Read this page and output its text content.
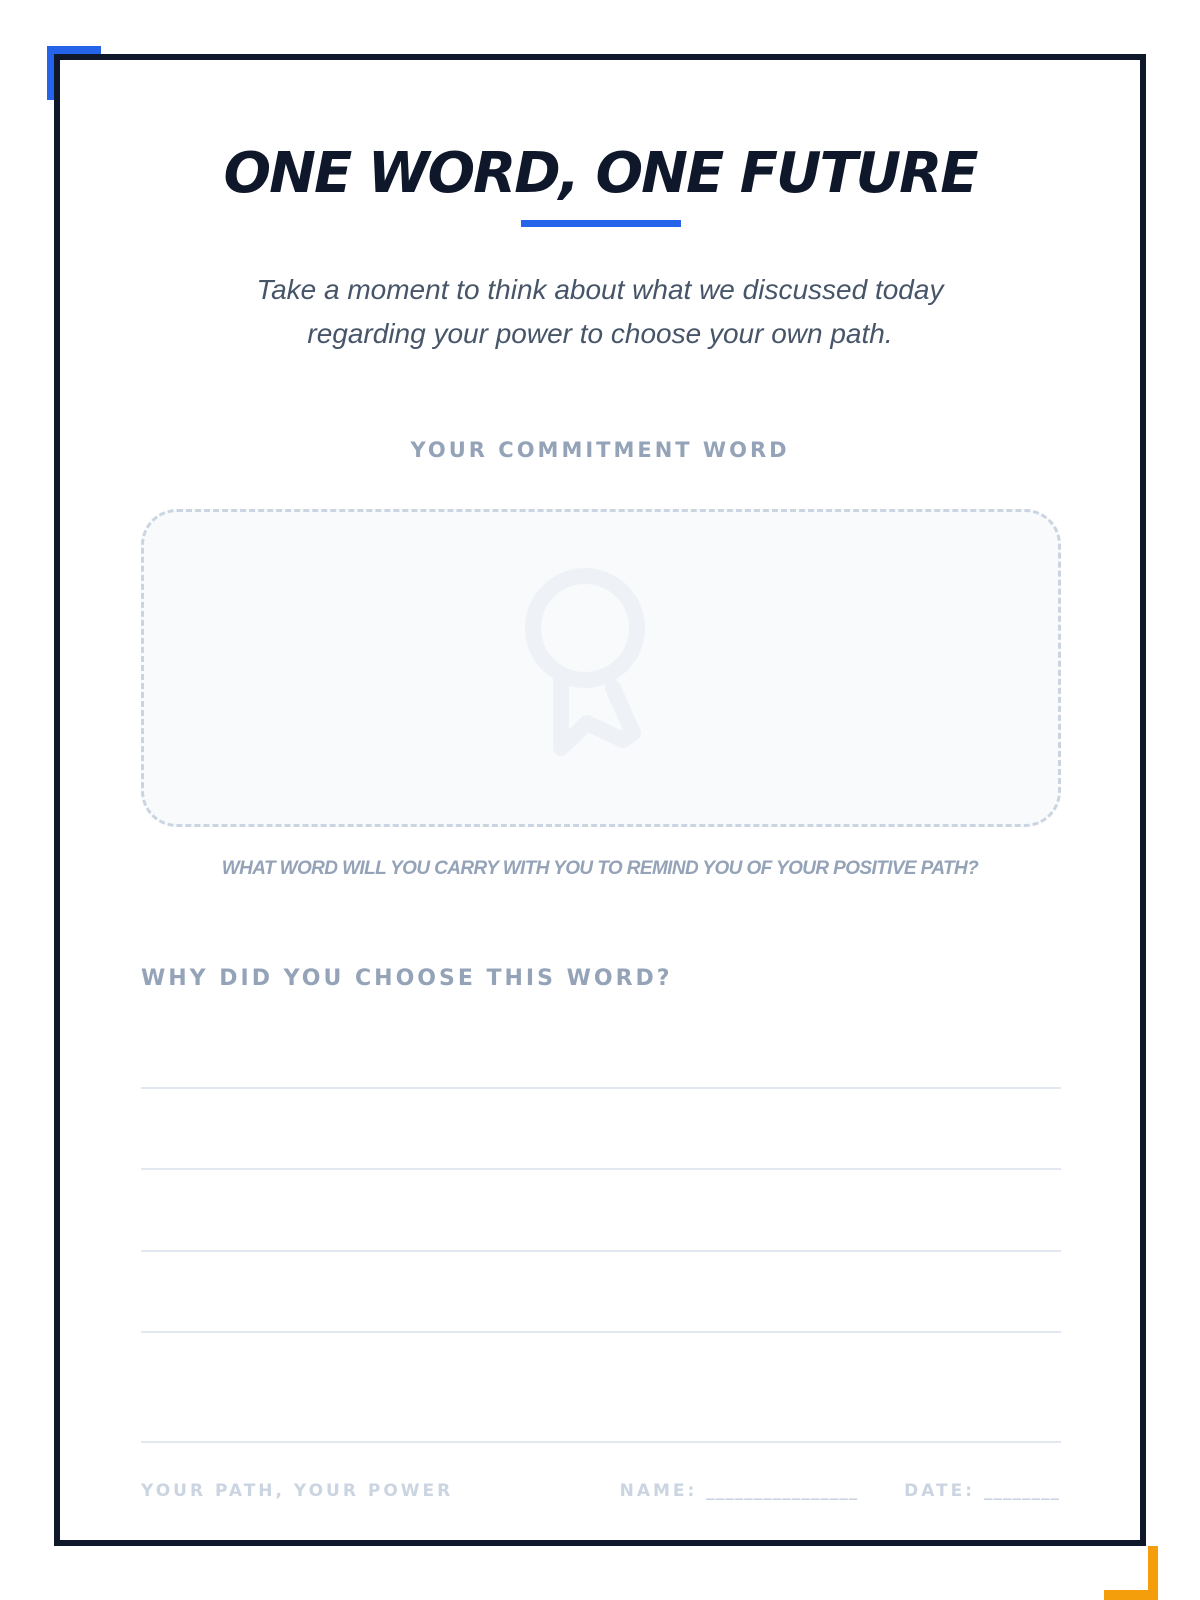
ONE WORD, ONE FUTURE
Take a moment to think about what we discussed today
regarding your power to choose your own path.
YOUR COMMITMENT WORD
WHAT WORD WILL YOU CARRY WITH YOU TO REMIND YOU OF YOUR POSITIVE PATH?
WHY DID YOU CHOOSE THIS WORD?
YOUR PATH, YOUR POWER	NAME: ________________	DATE: ________
